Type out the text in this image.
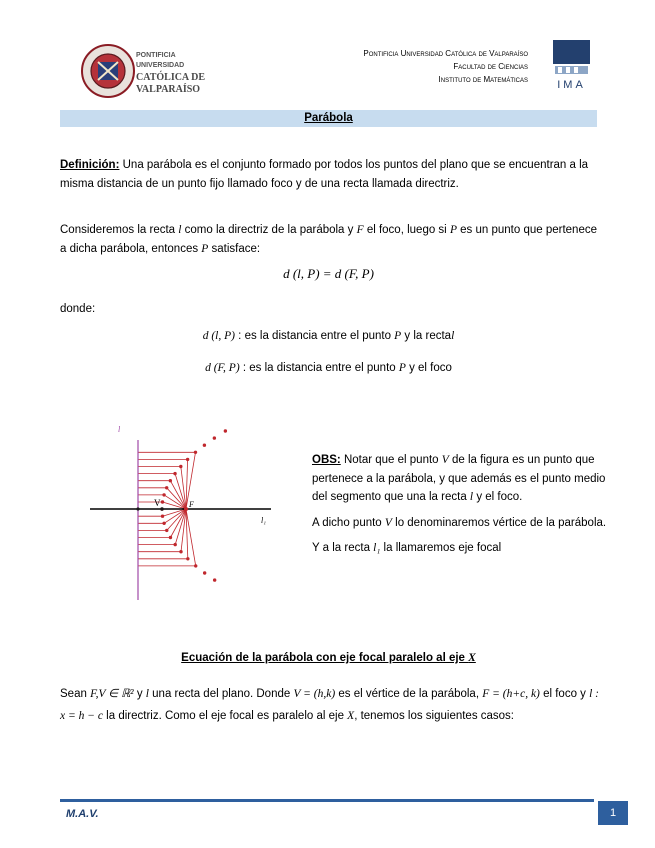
PONTIFICIA
UNIVERSIDAD
CATÓLICA DE
VALPARAÍSO
Pontificia Universidad Católica de Valparaíso
Facultad de Ciencias
Instituto de Matemáticas	IMA
Parábola
Definición: Una parábola es el conjunto formado por todos los puntos del plano que se encuentran a la misma distancia de un punto fijo llamado foco y de una recta llamada directriz.
Consideremos la recta l como la directriz de la parábola y F el foco, luego si P es un punto que pertenece a dicha parábola, entonces P satisface:
d (l, P) = d (F, P)
donde:
d (l, P) : es la distancia entre el punto P y la rectal
d (F, P) : es la distancia entre el punto P y el foco
l
V	F
l₁

OBS: Notar que el punto V de la figura es un punto que pertenece a la parábola, y que además es el punto medio del segmento que una la recta l y el foco.

A dicho punto V lo denominaremos vértice de la parábola.

Y a la recta l₁ la llamaremos eje focal

Ecuación de la parábola con eje focal paralelo al eje X
Sean F,V ∈ ℝ² y l una recta del plano. Donde V = (h,k) es el vértice de la parábola, F = (h+c, k) el foco y l : x = h − c la directriz. Como el eje focal es paralelo al eje X, tenemos los siguientes casos:
M.A.V.	1
